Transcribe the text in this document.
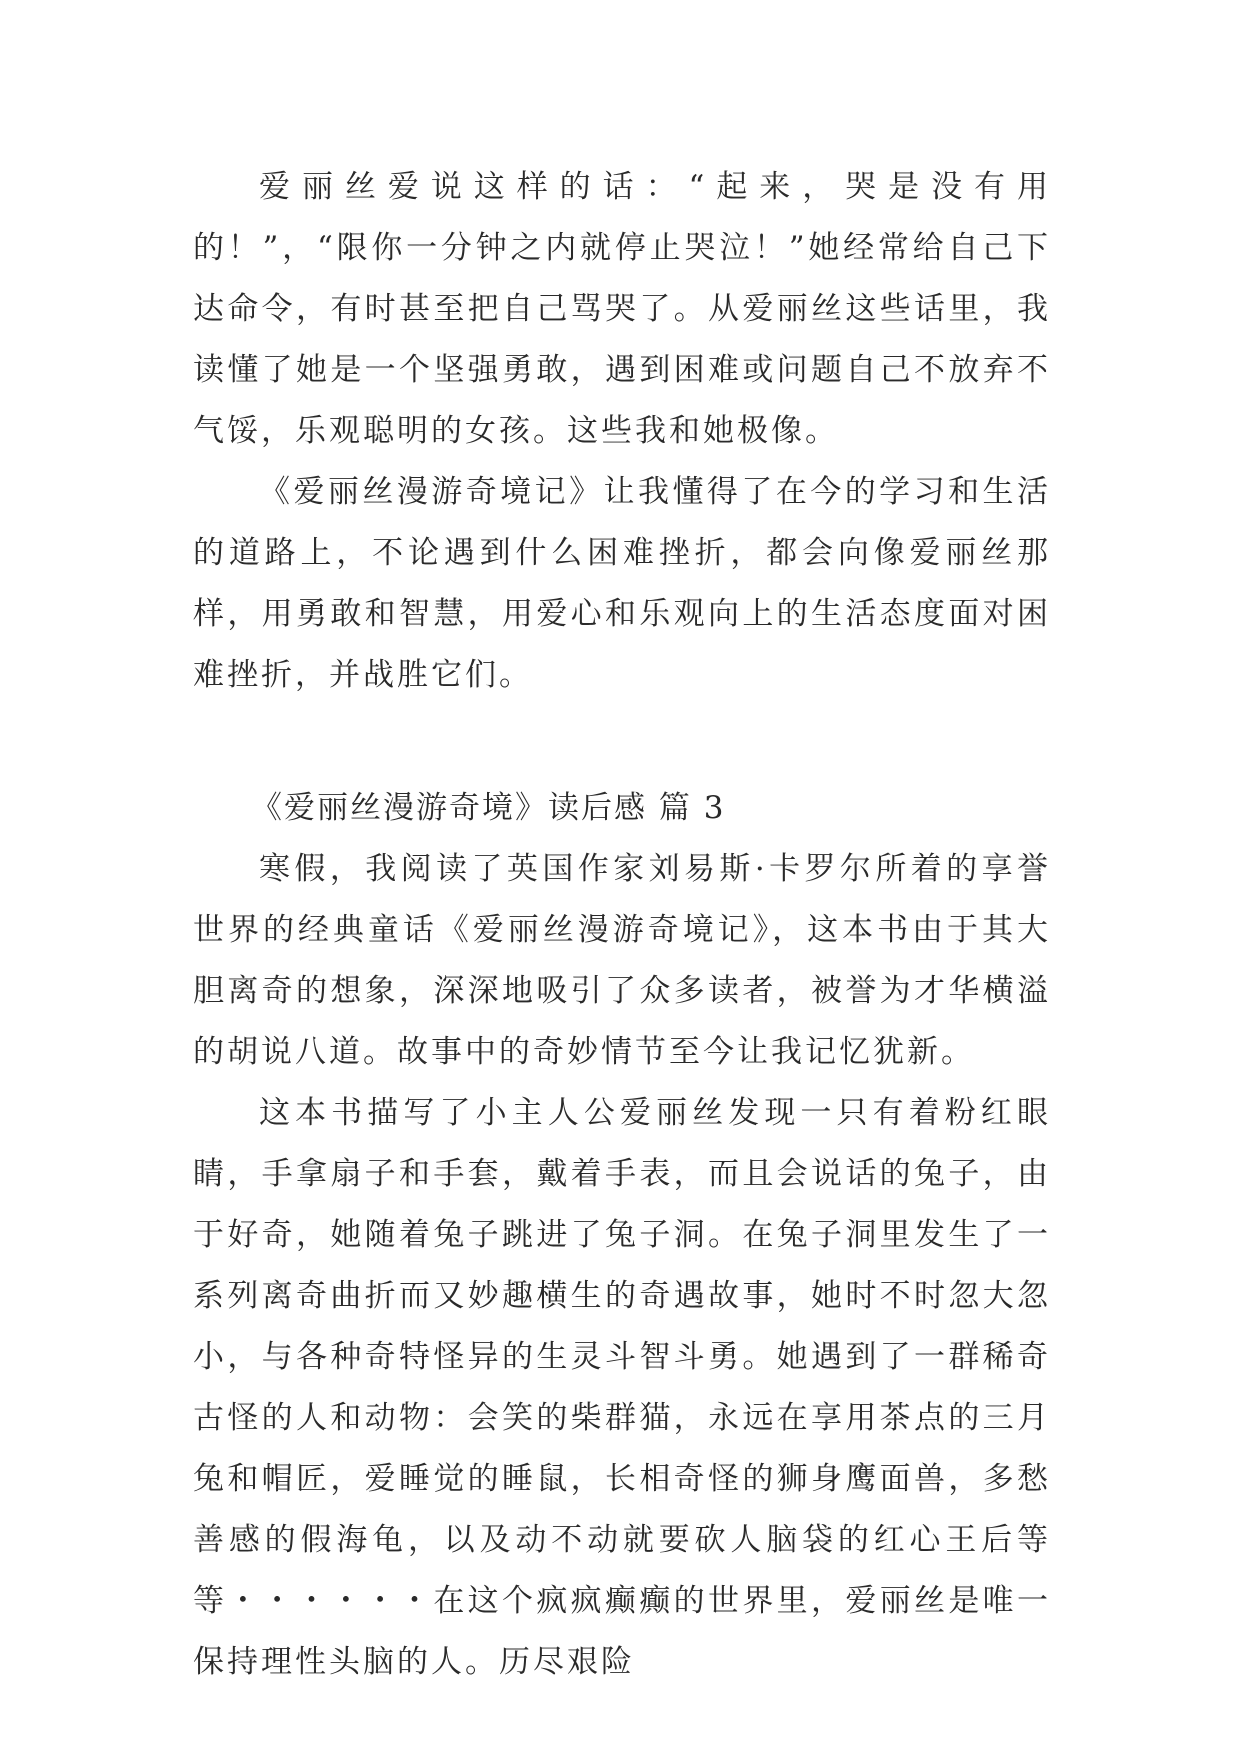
爱丽丝爱说这样的话：“起来，哭是没有用的！”，“限你一分钟之内就停止哭泣！”她经常给自己下达命令，有时甚至把自己骂哭了。从爱丽丝这些话里，我读懂了她是一个坚强勇敢，遇到困难或问题自己不放弃不气馁，乐观聪明的女孩。这些我和她极像。

《爱丽丝漫游奇境记》让我懂得了在今的学习和生活的道路上，不论遇到什么困难挫折，都会向像爱丽丝那样，用勇敢和智慧，用爱心和乐观向上的生活态度面对困难挫折，并战胜它们。

《爱丽丝漫游奇境》读后感 篇 3

寒假，我阅读了英国作家刘易斯·卡罗尔所着的享誉世界的经典童话《爱丽丝漫游奇境记》，这本书由于其大胆离奇的想象，深深地吸引了众多读者，被誉为才华横溢的胡说八道。故事中的奇妙情节至今让我记忆犹新。

这本书描写了小主人公爱丽丝发现一只有着粉红眼睛，手拿扇子和手套，戴着手表，而且会说话的兔子，由于好奇，她随着兔子跳进了兔子洞。在兔子洞里发生了一系列离奇曲折而又妙趣横生的奇遇故事，她时不时忽大忽小，与各种奇特怪异的生灵斗智斗勇。她遇到了一群稀奇古怪的人和动物：会笑的柴群猫，永远在享用茶点的三月兔和帽匠，爱睡觉的睡鼠，长相奇怪的狮身鹰面兽，多愁善感的假海龟，以及动不动就要砍人脑袋的红心王后等等・・・・・・在这个疯疯癫癫的世界里，爱丽丝是唯一保持理性头脑的人。历尽艰险
